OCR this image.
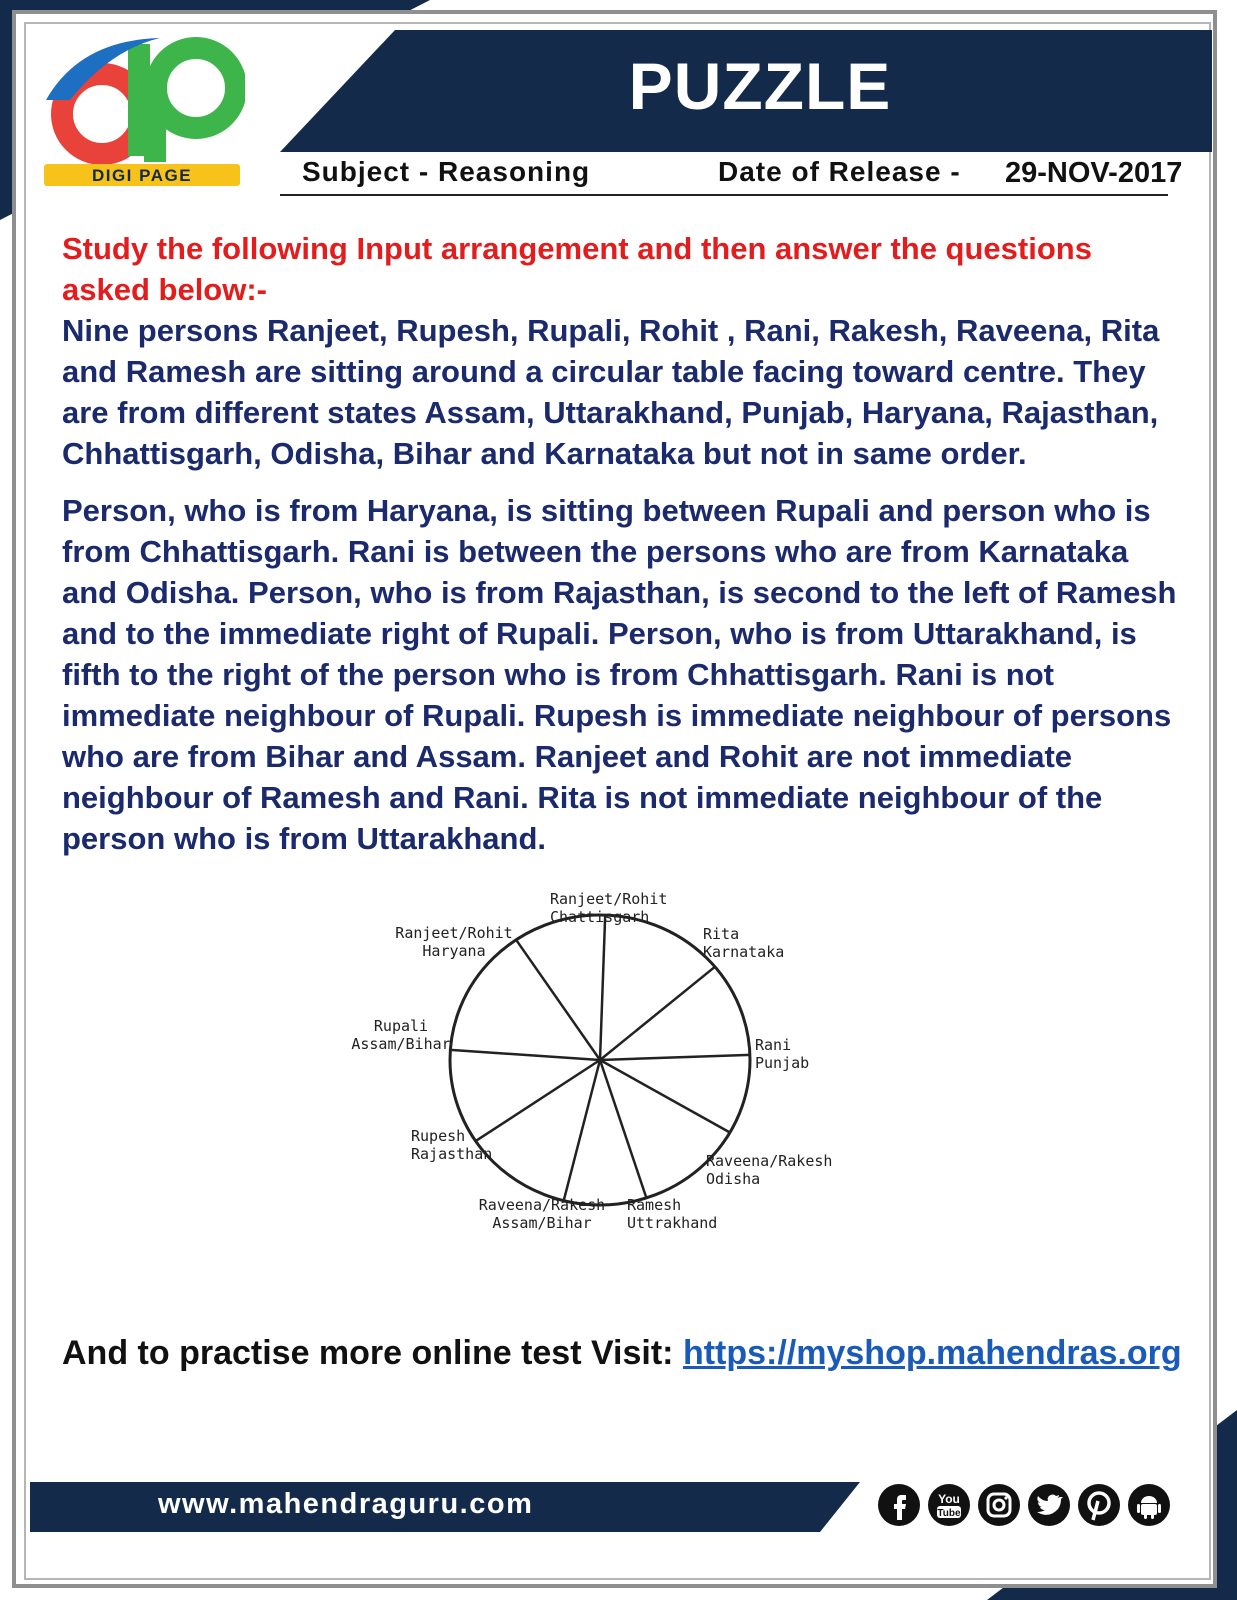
PUZZLE
DIGI PAGE	Subject - Reasoning	Date of Release - 29-NOV-2017
Study the following Input arrangement and then answer the questions asked below:-
Nine persons Ranjeet, Rupesh, Rupali, Rohit , Rani, Rakesh, Raveena, Rita and Ramesh are sitting around a circular table facing toward centre. They are from different states Assam, Uttarakhand, Punjab, Haryana, Rajasthan, Chhattisgarh, Odisha, Bihar and Karnataka but not in same order.
Person, who is from Haryana, is sitting between Rupali and person who is from Chhattisgarh. Rani is between the persons who are from Karnataka and Odisha. Person, who is from Rajasthan, is second to the left of Ramesh and to the immediate right of Rupali. Person, who is from Uttarakhand, is fifth to the right of the person who is from Chhattisgarh. Rani is not immediate neighbour of Rupali. Rupesh is immediate neighbour of persons who are from Bihar and Assam. Ranjeet and Rohit are not immediate neighbour of Ramesh and Rani. Rita is not immediate neighbour of the person who is from Uttarakhand.
Ranjeet/Rohit
Chattisgarh
Rita
Karnataka
Rani
Punjab
Raveena/Rakesh
Odisha
Ramesh
Uttrakhand
Raveena/Rakesh
Assam/Bihar
Rupesh
Rajasthan
Rupali
Assam/Bihar
Ranjeet/Rohit
Haryana
And to practise more online test Visit: https://myshop.mahendras.org
www.mahendraguru.com	You
Tube
